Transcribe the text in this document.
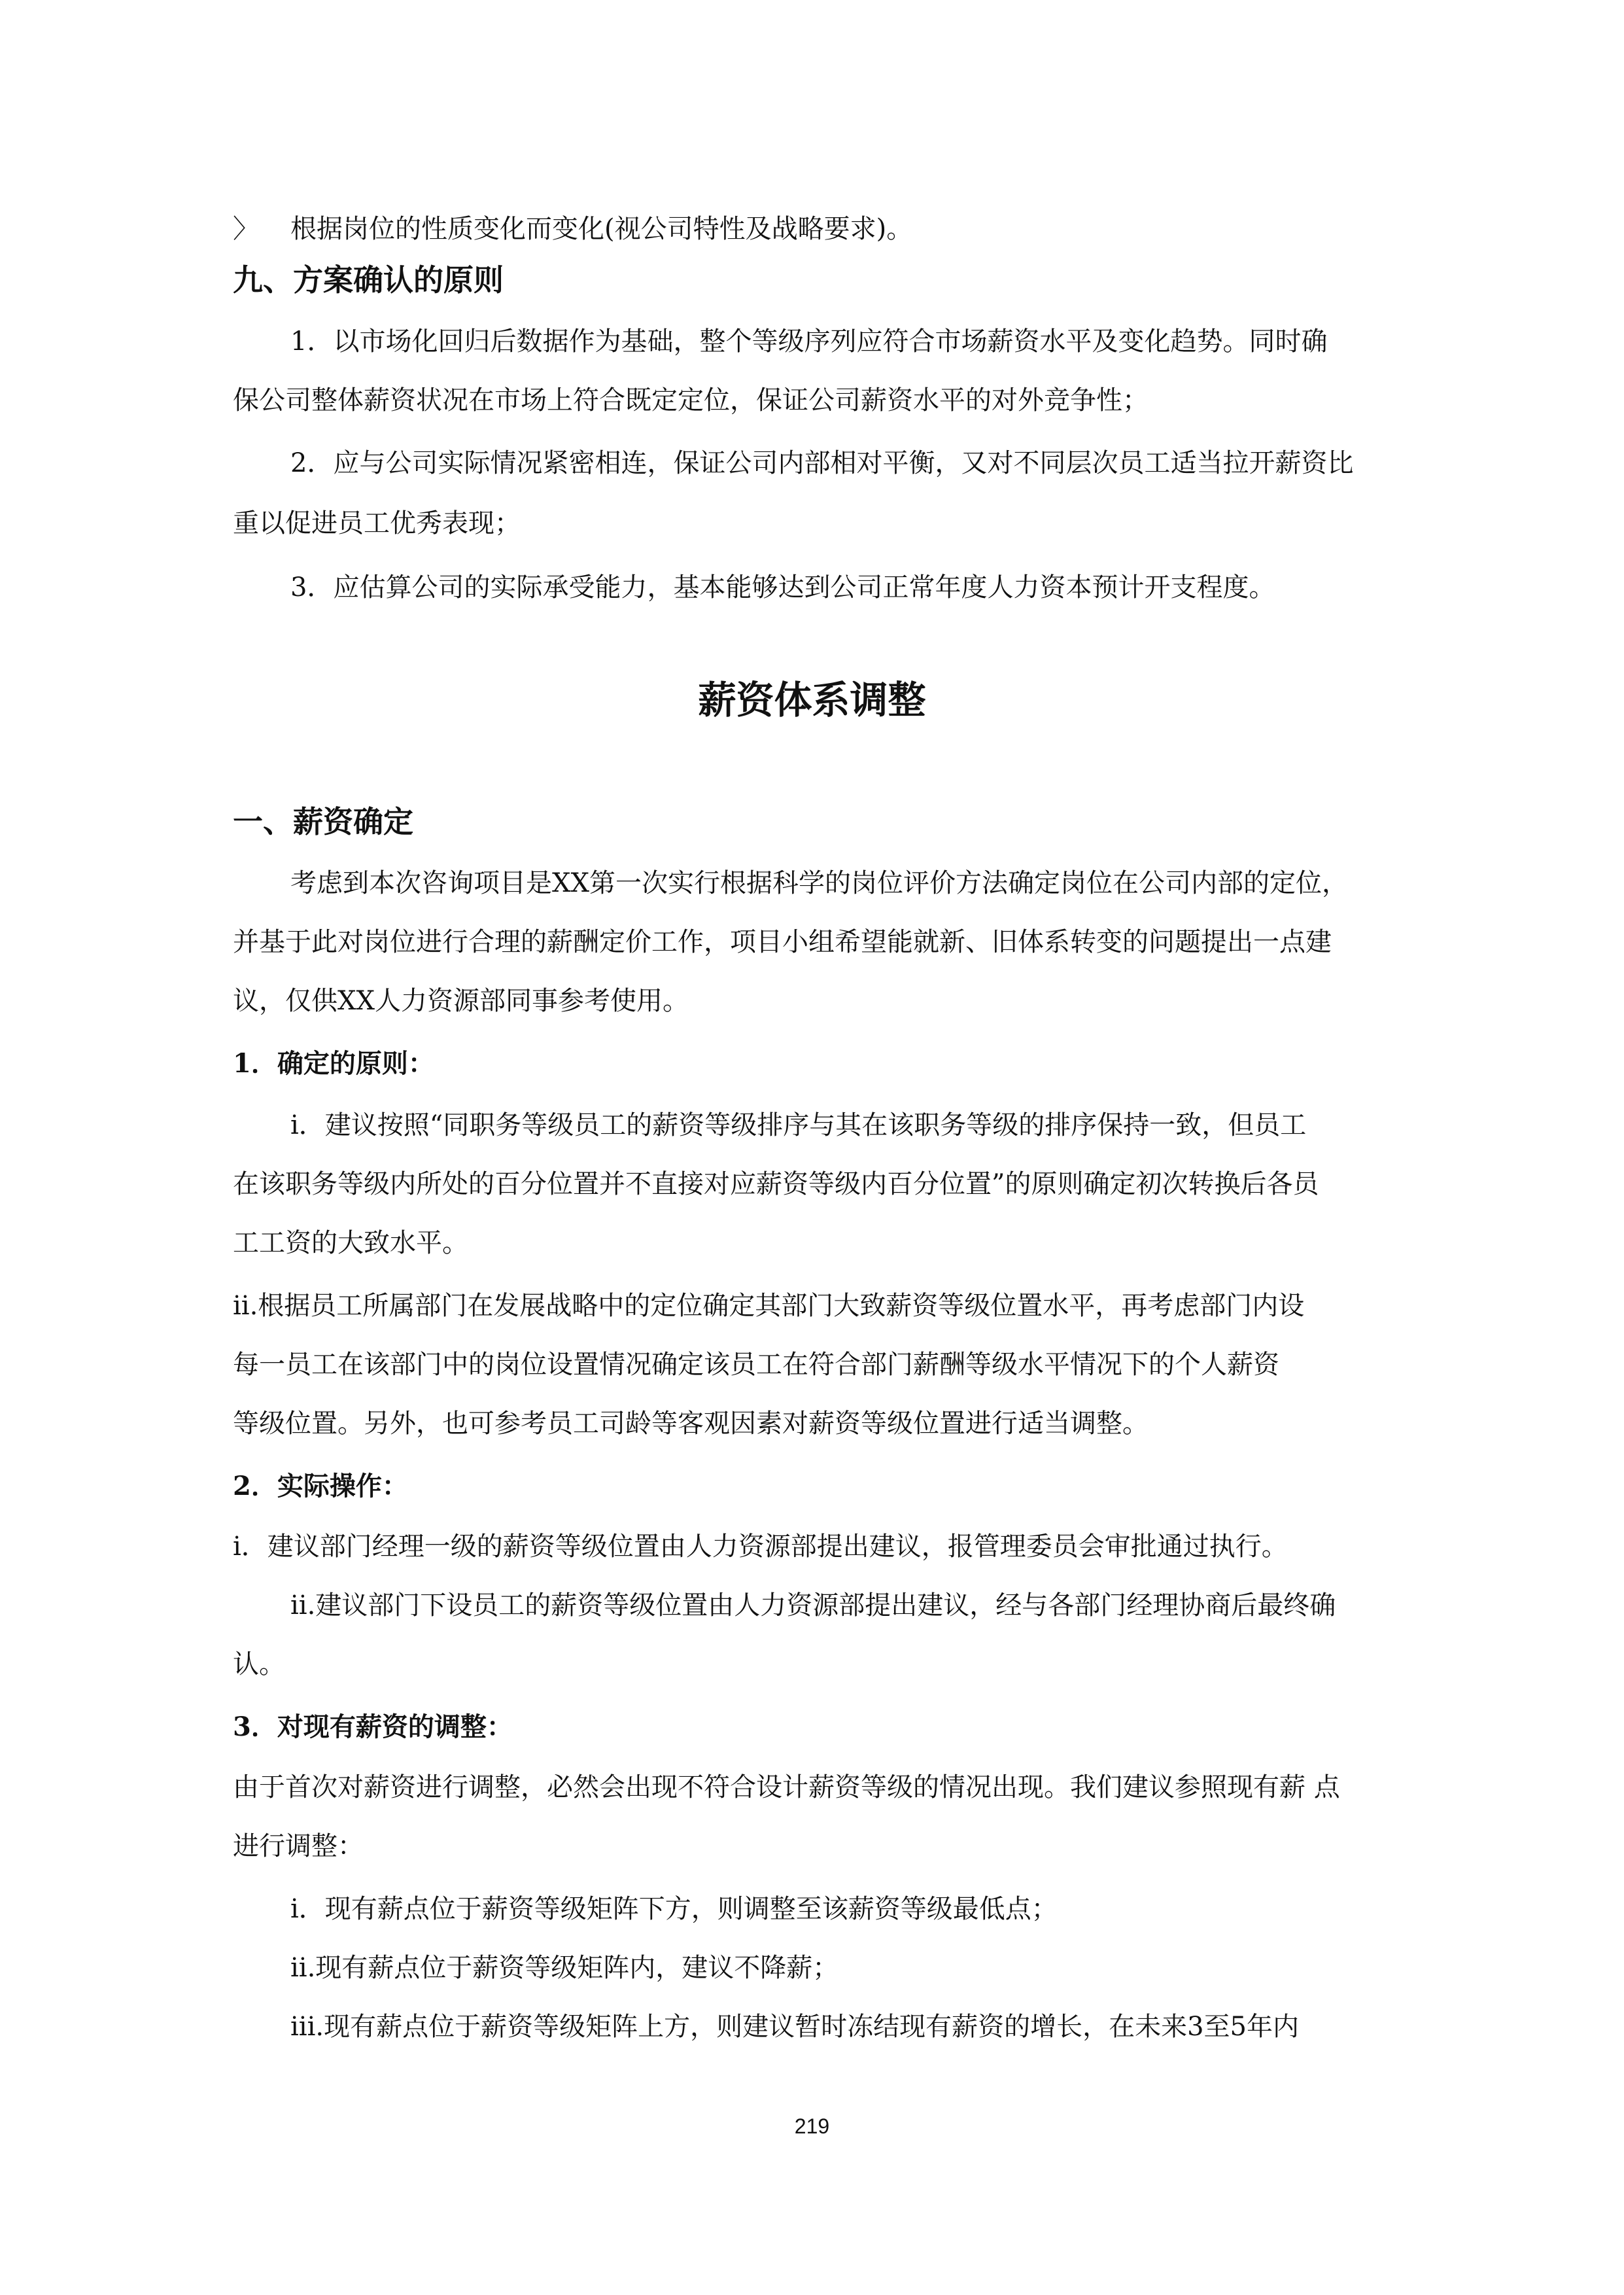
〉	根据岗位的性质变化而变化(视公司特性及战略要求)。
九、方案确认的原则
1．以市场化回归后数据作为基础，整个等级序列应符合市场薪资水平及变化趋势。同时确
保公司整体薪资状况在市场上符合既定定位，保证公司薪资水平的对外竞争性；
2．应与公司实际情况紧密相连，保证公司内部相对平衡，又对不同层次员工适当拉开薪资比
重以促进员工优秀表现；
3．应估算公司的实际承受能力，基本能够达到公司正常年度人力资本预计开支程度。
薪资体系调整
一、薪资确定
考虑到本次咨询项目是XX第一次实行根据科学的岗位评价方法确定岗位在公司内部的定位，
并基于此对岗位进行合理的薪酬定价工作，项目小组希望能就新、旧体系转变的问题提出一点建
议，仅供XX人力资源部同事参考使用。
1．确定的原则：
i．建议按照“同职务等级员工的薪资等级排序与其在该职务等级的排序保持一致，但员工
在该职务等级内所处的百分位置并不直接对应薪资等级内百分位置”的原则确定初次转换后各员
工工资的大致水平。
ii.根据员工所属部门在发展战略中的定位确定其部门大致薪资等级位置水平，再考虑部门内设
每一员工在该部门中的岗位设置情况确定该员工在符合部门薪酬等级水平情况下的个人薪资
等级位置。另外，也可参考员工司龄等客观因素对薪资等级位置进行适当调整。
2．实际操作：
i．建议部门经理一级的薪资等级位置由人力资源部提出建议，报管理委员会审批通过执行。
ii.建议部门下设员工的薪资等级位置由人力资源部提出建议，经与各部门经理协商后最终确
认。
3．对现有薪资的调整：
由于首次对薪资进行调整，必然会出现不符合设计薪资等级的情况出现。我们建议参照现有薪 点
进行调整：
i．现有薪点位于薪资等级矩阵下方，则调整至该薪资等级最低点；
ii.现有薪点位于薪资等级矩阵内，建议不降薪；
iii.现有薪点位于薪资等级矩阵上方，则建议暂时冻结现有薪资的增长，在未来3至5年内
219
